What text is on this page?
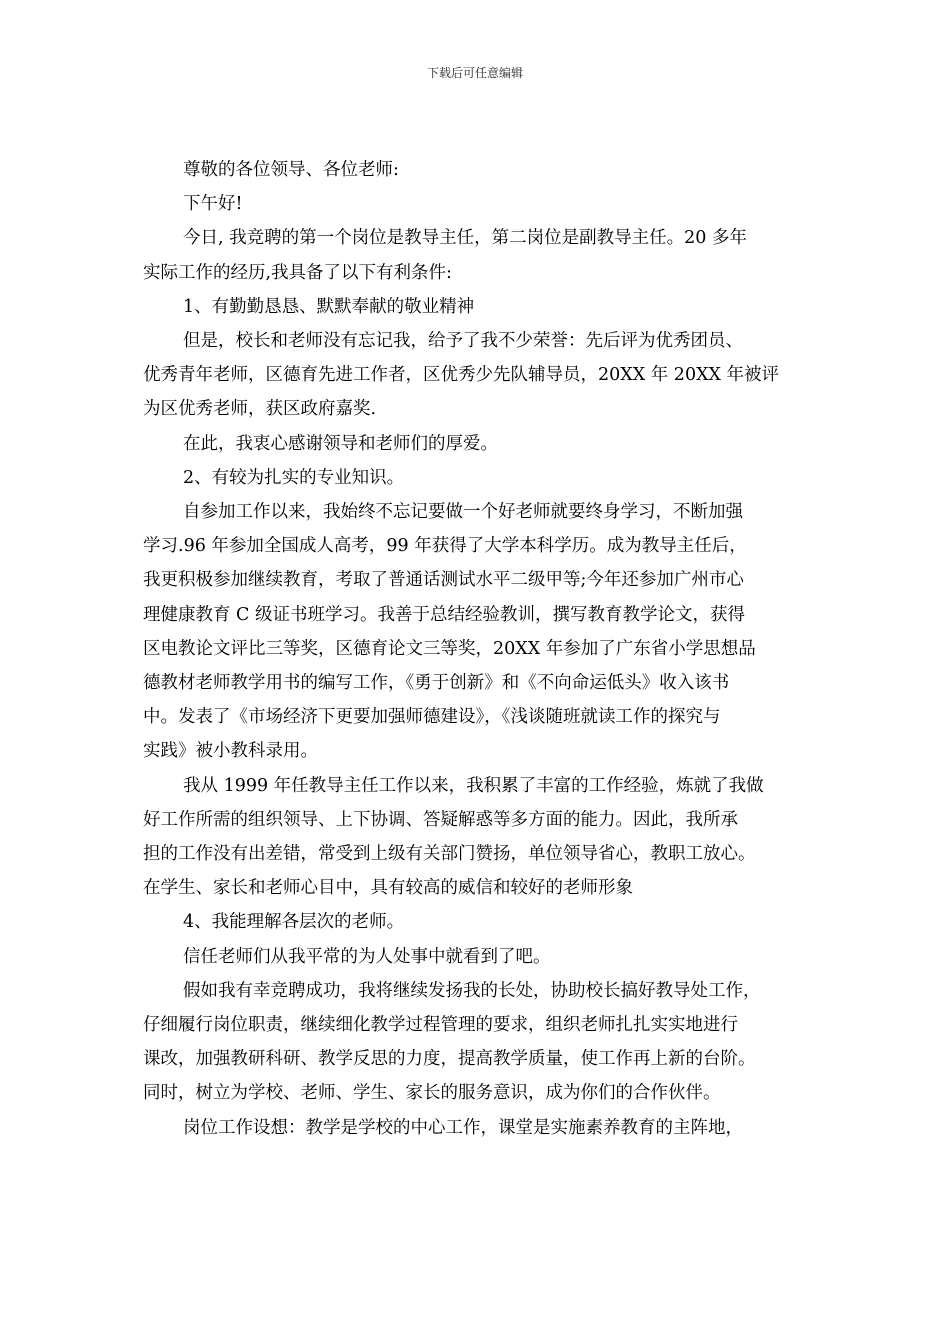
下载后可任意编辑

尊敬的各位领导、各位老师:

下午好!

今日, 我竞聘的第一个岗位是教导主任，第二岗位是副教导主任。20 多年

实际工作的经历,我具备了以下有利条件:

1、有勤勤恳恳、默默奉献的敬业精神

但是，校长和老师没有忘记我，给予了我不少荣誉：先后评为优秀团员、

优秀青年老师，区德育先进工作者，区优秀少先队辅导员，20XX 年 20XX 年被评

为区优秀老师，获区政府嘉奖.

在此，我衷心感谢领导和老师们的厚爱。

2、有较为扎实的专业知识。

自参加工作以来，我始终不忘记要做一个好老师就要终身学习，不断加强

学习.96 年参加全国成人高考，99 年获得了大学本科学历。成为教导主任后，

我更积极参加继续教育，考取了普通话测试水平二级甲等;今年还参加广州市心

理健康教育 C 级证书班学习。我善于总结经验教训，撰写教育教学论文，获得

区电教论文评比三等奖，区德育论文三等奖，20XX 年参加了广东省小学思想品

德教材老师教学用书的编写工作，《勇于创新》和《不向命运低头》收入该书

中。发表了《市场经济下更要加强师德建设》，《浅谈随班就读工作的探究与

实践》被小教科录用。

我从 1999 年任教导主任工作以来，我积累了丰富的工作经验，炼就了我做

好工作所需的组织领导、上下协调、答疑解惑等多方面的能力。因此，我所承

担的工作没有出差错，常受到上级有关部门赞扬，单位领导省心，教职工放心。

在学生、家长和老师心目中，具有较高的威信和较好的老师形象

4、我能理解各层次的老师。

信任老师们从我平常的为人处事中就看到了吧。

假如我有幸竞聘成功，我将继续发扬我的长处，协助校长搞好教导处工作，

仔细履行岗位职责，继续细化教学过程管理的要求，组织老师扎扎实实地进行

课改，加强教研科研、教学反思的力度，提高教学质量，使工作再上新的台阶。

同时，树立为学校、老师、学生、家长的服务意识，成为你们的合作伙伴。

岗位工作设想：教学是学校的中心工作，课堂是实施素养教育的主阵地，
